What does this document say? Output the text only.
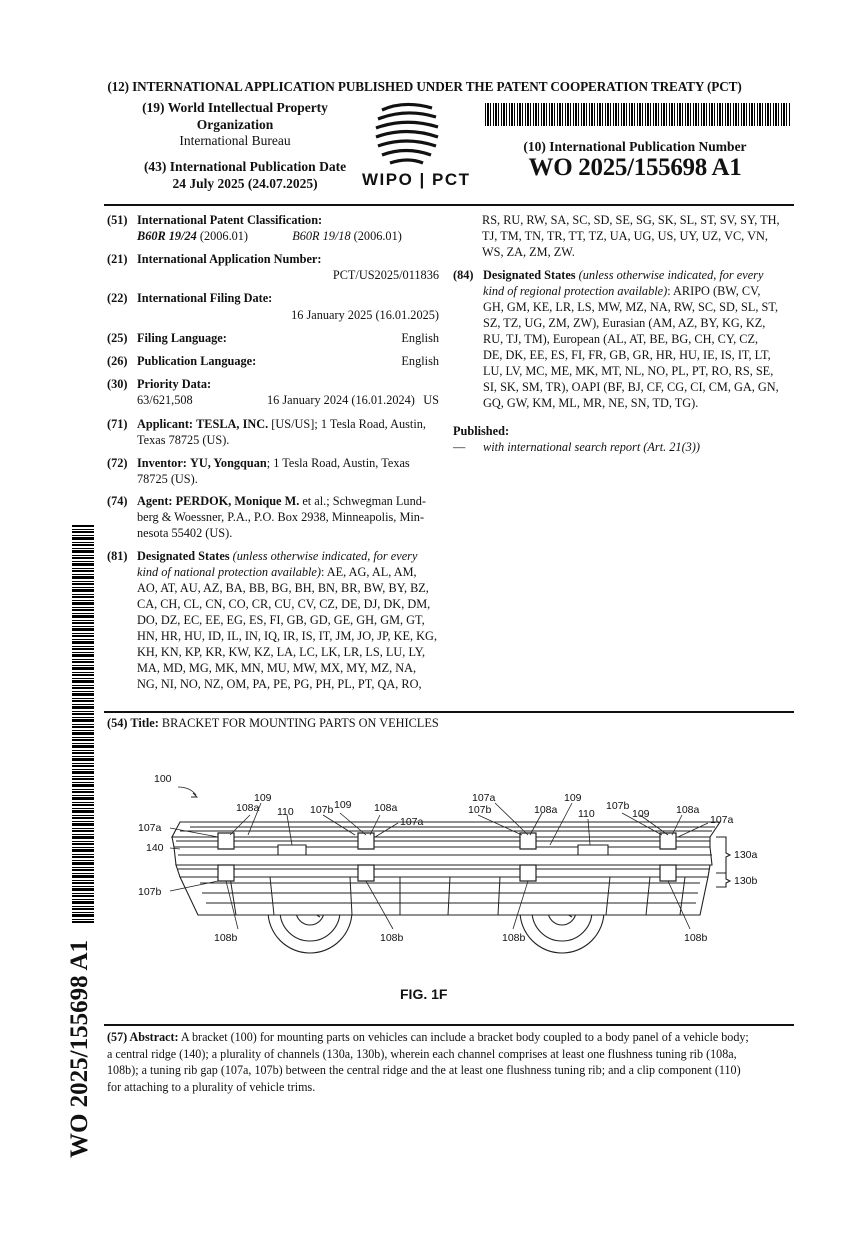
(12) INTERNATIONAL APPLICATION PUBLISHED UNDER THE PATENT COOPERATION TREATY (PCT)
(19) World Intellectual Property
Organization
International Bureau
(43) International Publication Date
24 July 2025 (24.07.2025)	WIPO | PCT
(10) International Publication Number
WO 2025/155698 A1
(51) International Patent Classification:
B60R 19/24 (2006.01)	B60R 19/18 (2006.01)
(21) International Application Number:
PCT/US2025/011836
(22) International Filing Date:
16 January 2025 (16.01.2025)
(25) Filing Language:	English
(26) Publication Language:	English
(30) Priority Data:
63/621,508	16 January 2024 (16.01.2024) US
(71) Applicant: TESLA, INC. [US/US]; 1 Tesla Road, Austin,
Texas 78725 (US).
(72) Inventor: YU, Yongquan; 1 Tesla Road, Austin, Texas
78725 (US).
(74) Agent: PERDOK, Monique M. et al.; Schwegman Lund-
berg & Woessner, P.A., P.O. Box 2938, Minneapolis, Min-
nesota 55402 (US).
(81) Designated States (unless otherwise indicated, for every
kind of national protection available): AE, AG, AL, AM,
AO, AT, AU, AZ, BA, BB, BG, BH, BN, BR, BW, BY, BZ,
CA, CH, CL, CN, CO, CR, CU, CV, CZ, DE, DJ, DK, DM,
DO, DZ, EC, EE, EG, ES, FI, GB, GD, GE, GH, GM, GT,
HN, HR, HU, ID, IL, IN, IQ, IR, IS, IT, JM, JO, JP, KE, KG,
KH, KN, KP, KR, KW, KZ, LA, LC, LK, LR, LS, LU, LY,
MA, MD, MG, MK, MN, MU, MW, MX, MY, MZ, NA,
NG, NI, NO, NZ, OM, PA, PE, PG, PH, PL, PT, QA, RO,
RS, RU, RW, SA, SC, SD, SE, SG, SK, SL, ST, SV, SY, TH,
TJ, TM, TN, TR, TT, TZ, UA, UG, US, UY, UZ, VC, VN,
WS, ZA, ZM, ZW.
(84) Designated States (unless otherwise indicated, for every
kind of regional protection available): ARIPO (BW, CV,
GH, GM, KE, LR, LS, MW, MZ, NA, RW, SC, SD, SL, ST,
SZ, TZ, UG, ZM, ZW), Eurasian (AM, AZ, BY, KG, KZ,
RU, TJ, TM), European (AL, AT, BE, BG, CH, CY, CZ,
DE, DK, EE, ES, FI, FR, GB, GR, HR, HU, IE, IS, IT, LT,
LU, LV, MC, ME, MK, MT, NL, NO, PL, PT, RO, RS, SE,
SI, SK, SM, TR), OAPI (BF, BJ, CF, CG, CI, CM, GA, GN,
GQ, GW, KM, ML, MR, NE, SN, TD, TG).
Published:
— with international search report (Art. 21(3))
(54) Title: BRACKET FOR MOUNTING PARTS ON VEHICLES
100
109
108a 110 107b 109 108a
107a
107a
107a
107b	108a
109
110
107b
109	108a
107a
140
107b
130a
130b
108b	108b	108b	108b
FIG. 1F
(57) Abstract: A bracket (100) for mounting parts on vehicles can include a bracket body coupled to a body panel of a vehicle body;
a central ridge (140); a plurality of channels (130a, 130b), wherein each channel comprises at least one flushness tuning rib (108a,
108b); a tuning rib gap (107a, 107b) between the central ridge and the at least one flushness tuning rib; and a clip component (110)
for attaching to a plurality of vehicle trims.
WO 2025/155698 A1
